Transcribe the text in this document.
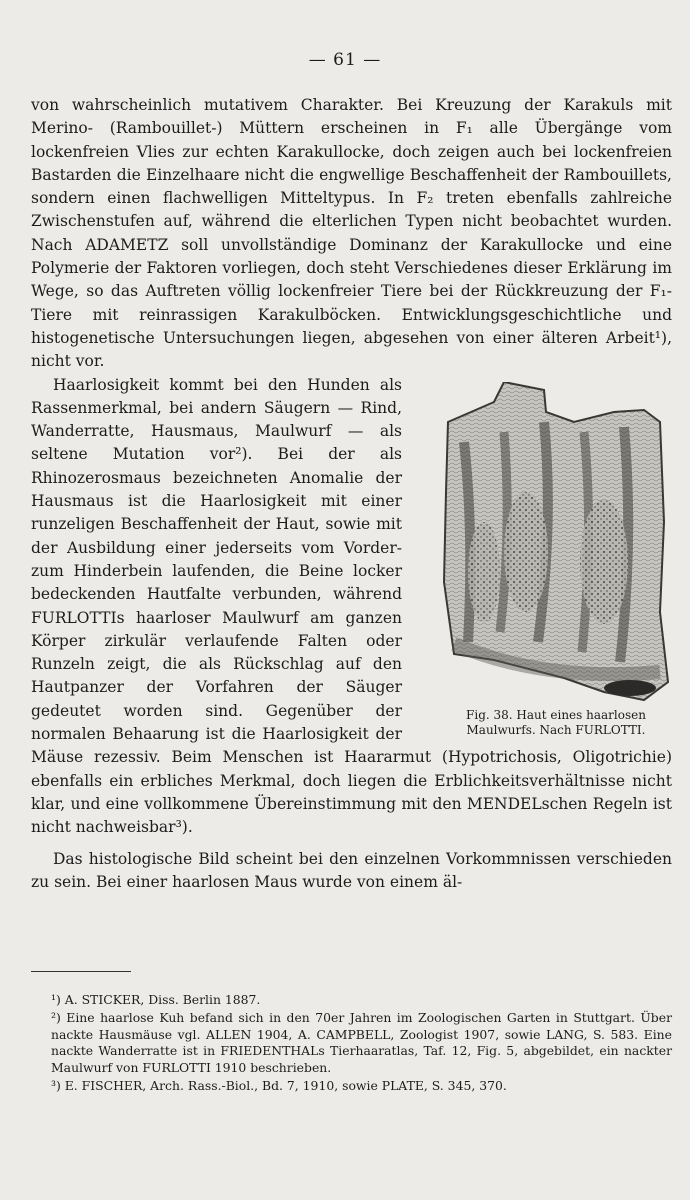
— 61 —

von wahrscheinlich mutativem Charakter. Bei Kreuzung der Karakuls mit Merino- (Rambouillet-) Müttern erscheinen in F₁ alle Übergänge vom lockenfreien Vlies zur echten Karakullocke, doch zeigen auch bei lockenfreien Bastarden die Einzelhaare nicht die engwellige Beschaffenheit der Rambouillets, sondern einen flachwelligen Mitteltypus. In F₂ treten ebenfalls zahlreiche Zwischenstufen auf, während die elterlichen Typen nicht beobachtet wurden. Nach ADAMETZ soll unvollständige Dominanz der Karakullocke und eine Polymerie der Faktoren vorliegen, doch steht Verschiedenes dieser Erklärung im Wege, so das Auftreten völlig lockenfreier Tiere bei der Rückkreuzung der F₁-Tiere mit reinrassigen Karakulböcken. Entwicklungsgeschichtliche und histogenetische Untersuchungen liegen, abgesehen von einer älteren Arbeit¹), nicht vor.

Fig. 38. Haut eines haarlosen Maulwurfs. Nach FURLOTTI.

Haarlosigkeit kommt bei den Hunden als Rassenmerkmal, bei andern Säugern — Rind, Wanderratte, Hausmaus, Maulwurf — als seltene Mutation vor²). Bei der als Rhinozerosmaus bezeichneten Anomalie der Hausmaus ist die Haarlosigkeit mit einer runzeligen Beschaffenheit der Haut, sowie mit der Ausbildung einer jederseits vom Vorder- zum Hinderbein laufenden, die Beine locker bedeckenden Hautfalte verbunden, während FURLOTTIs haarloser Maulwurf am ganzen Körper zirkulär verlaufende Falten oder Runzeln zeigt, die als Rückschlag auf den Hautpanzer der Vorfahren der Säuger gedeutet worden sind. Gegenüber der normalen Behaarung ist die Haarlosigkeit der Mäuse rezessiv. Beim Menschen ist Haararmut (Hypotrichosis, Oligotrichie) ebenfalls ein erbliches Merkmal, doch liegen die Erblichkeitsverhältnisse nicht klar, und eine vollkommene Übereinstimmung mit den MENDELschen Regeln ist nicht nachweisbar³).

Das histologische Bild scheint bei den einzelnen Vorkommnissen verschieden zu sein. Bei einer haarlosen Maus wurde von einem äl-

¹) A. STICKER, Diss. Berlin 1887.

²) Eine haarlose Kuh befand sich in den 70er Jahren im Zoologischen Garten in Stuttgart. Über nackte Hausmäuse vgl. ALLEN 1904, A. CAMPBELL, Zoologist 1907, sowie LANG, S. 583. Eine nackte Wanderratte ist in FRIEDENTHALs Tierhaaratlas, Taf. 12, Fig. 5, abgebildet, ein nackter Maulwurf von FURLOTTI 1910 beschrieben.

³) E. FISCHER, Arch. Rass.-Biol., Bd. 7, 1910, sowie PLATE, S. 345, 370.
